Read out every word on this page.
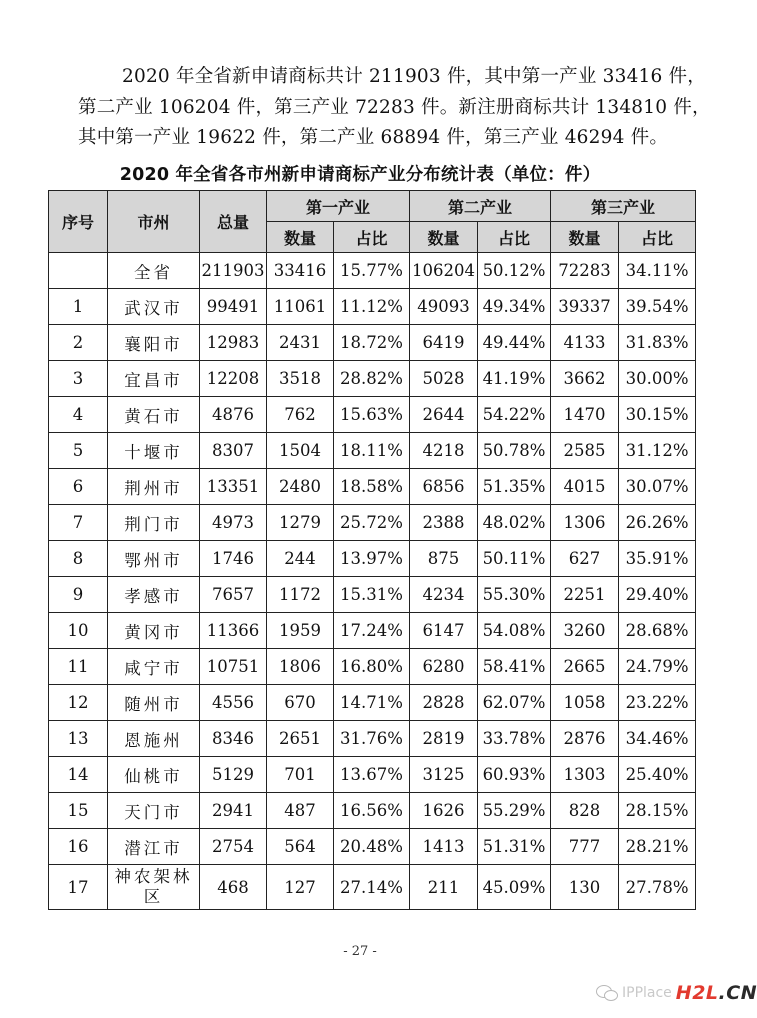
2020 年全省新申请商标共计 211903 件，其中第一产业 33416 件，

第二产业 106204 件，第三产业 72283 件。新注册商标共计 134810 件，

其中第一产业 19622 件，第二产业 68894 件，第三产业 46294 件。

2020 年全省各市州新申请商标产业分布统计表（单位：件）
序号	市州	总量	第一产业		第二产业		第三产业	
			数量	占比	数量	占比	数量	占比
	全省	211903	33416	15.77%	106204	50.12%	72283	34.11%
1	武汉市	99491	11061	11.12%	49093	49.34%	39337	39.54%
2	襄阳市	12983	2431	18.72%	6419	49.44%	4133	31.83%
3	宜昌市	12208	3518	28.82%	5028	41.19%	3662	30.00%
4	黄石市	4876	762	15.63%	2644	54.22%	1470	30.15%
5	十堰市	8307	1504	18.11%	4218	50.78%	2585	31.12%
6	荆州市	13351	2480	18.58%	6856	51.35%	4015	30.07%
7	荆门市	4973	1279	25.72%	2388	48.02%	1306	26.26%
8	鄂州市	1746	244	13.97%	875	50.11%	627	35.91%
9	孝感市	7657	1172	15.31%	4234	55.30%	2251	29.40%
10	黄冈市	11366	1959	17.24%	6147	54.08%	3260	28.68%
11	咸宁市	10751	1806	16.80%	6280	58.41%	2665	24.79%
12	随州市	4556	670	14.71%	2828	62.07%	1058	23.22%
13	恩施州	8346	2651	31.76%	2819	33.78%	2876	34.46%
14	仙桃市	5129	701	13.67%	3125	60.93%	1303	25.40%
15	天门市	2941	487	16.56%	1626	55.29%	828	28.15%
16	潜江市	2754	564	20.48%	1413	51.31%	777	28.21%
17	神农架林区	468	127	27.14%	211	45.09%	130	27.78%
- 27 -
IPPlace H2L.CN
